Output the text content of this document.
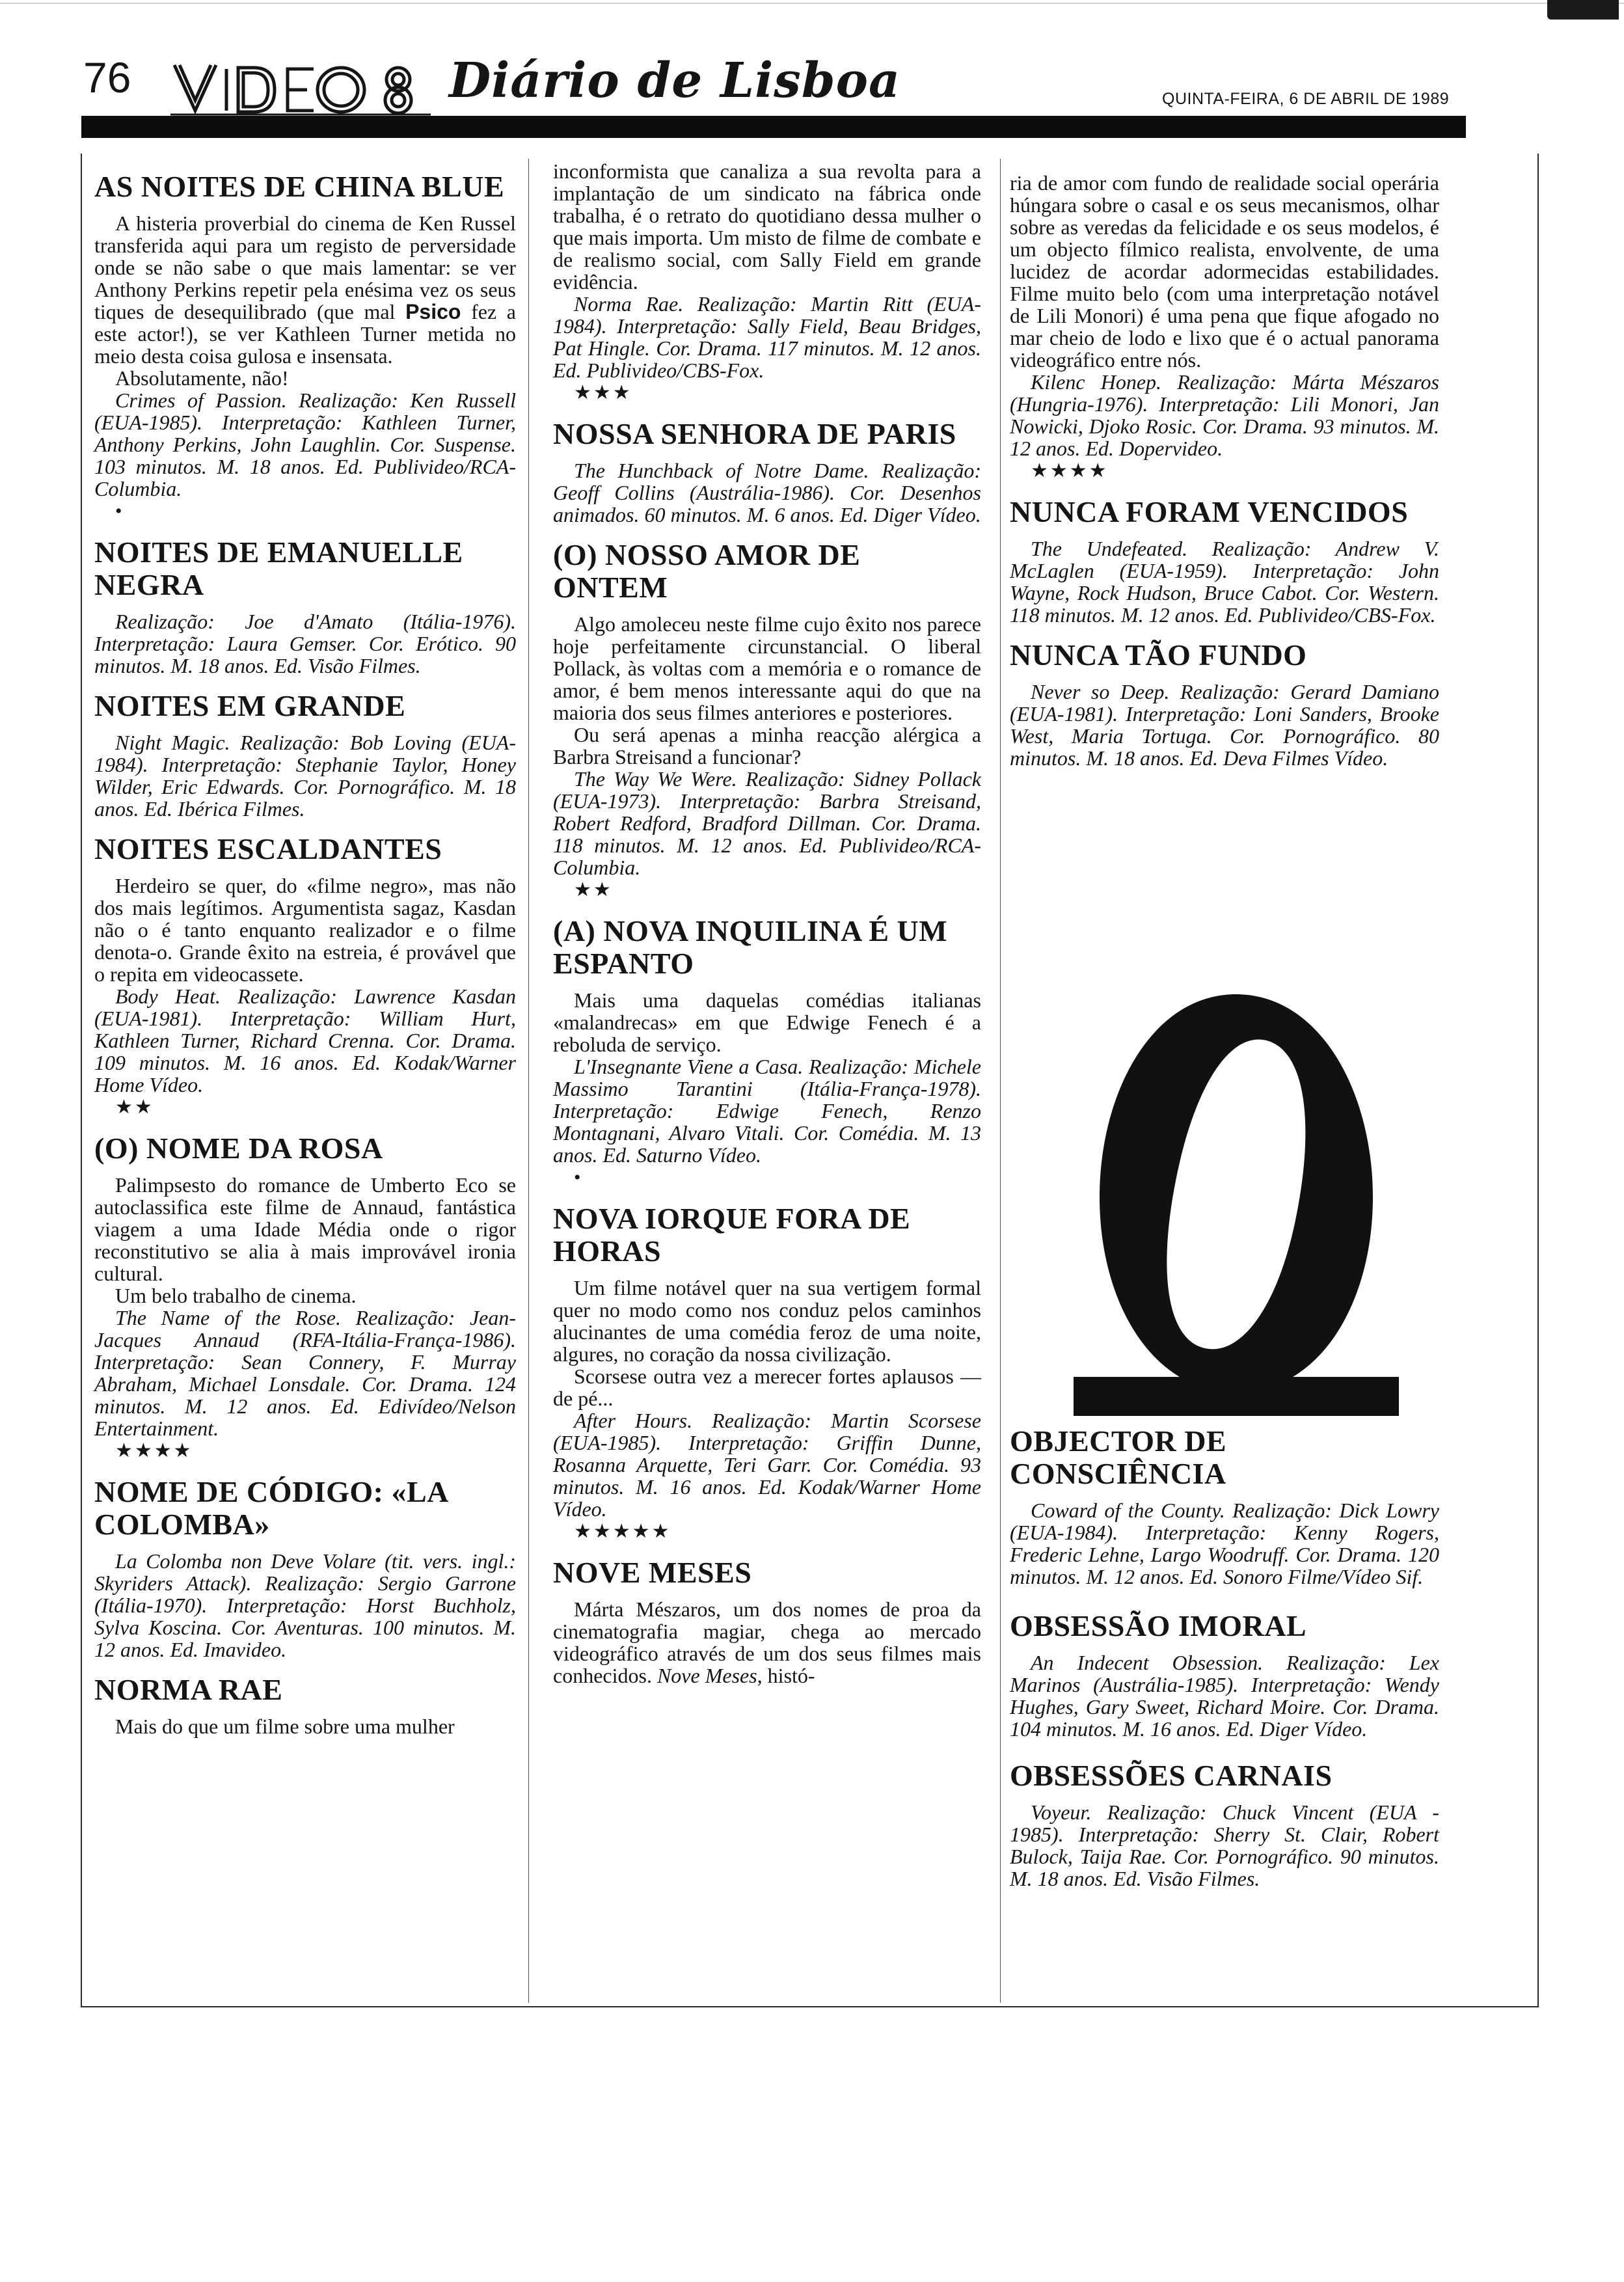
76	Diário de Lisboa	QUINTA-FEIRA, 6 DE ABRIL DE 1989
AS NOITES DE CHINA BLUE

A histeria proverbial do cinema de Ken Russel transferida aqui para um registo de perversidade onde se não sabe o que mais lamentar: se ver Anthony Perkins repetir pela enésima vez os seus tiques de desequilibrado (que mal Psico fez a este actor!), se ver Kathleen Turner metida no meio desta coisa gulosa e insensata.

Absolutamente, não!

Crimes of Passion. Realização: Ken Russell (EUA-1985). Interpretação: Kathleen Turner, Anthony Perkins, John Laughlin. Cor. Suspense. 103 minutos. M. 18 anos. Ed. Publivideo/RCA-Columbia.

•

NOITES DE EMANUELLE NEGRA

Realização: Joe d'Amato (Itália-1976). Interpretação: Laura Gemser. Cor. Erótico. 90 minutos. M. 18 anos. Ed. Visão Filmes.

NOITES EM GRANDE

Night Magic. Realização: Bob Loving (EUA-1984). Interpretação: Stephanie Taylor, Honey Wilder, Eric Edwards. Cor. Pornográfico. M. 18 anos. Ed. Ibérica Filmes.

NOITES ESCALDANTES

Herdeiro se quer, do «filme negro», mas não dos mais legítimos. Argumentista sagaz, Kasdan não o é tanto enquanto realizador e o filme denota-o. Grande êxito na estreia, é provável que o repita em videocassete.

Body Heat. Realização: Lawrence Kasdan (EUA-1981). Interpretação: William Hurt, Kathleen Turner, Richard Crenna. Cor. Drama. 109 minutos. M. 16 anos. Ed. Kodak/Warner Home Vídeo.

★★

(O) NOME DA ROSA

Palimpsesto do romance de Umberto Eco se autoclassifica este filme de Annaud, fantástica viagem a uma Idade Média onde o rigor reconstitutivo se alia à mais improvável ironia cultural.

Um belo trabalho de cinema.

The Name of the Rose. Realização: Jean-Jacques Annaud (RFA-Itália-França-1986). Interpretação: Sean Connery, F. Murray Abraham, Michael Lonsdale. Cor. Drama. 124 minutos. M. 12 anos. Ed. Edivídeo/Nelson Entertainment.

★★★★

NOME DE CÓDIGO: «LA COLOMBA»

La Colomba non Deve Volare (tit. vers. ingl.: Skyriders Attack). Realização: Sergio Garrone (Itália-1970). Interpretação: Horst Buchholz, Sylva Koscina. Cor. Aventuras. 100 minutos. M. 12 anos. Ed. Imavideo.

NORMA RAE

Mais do que um filme sobre uma mulher

inconformista que canaliza a sua revolta para a implantação de um sindicato na fábrica onde trabalha, é o retrato do quotidiano dessa mulher o que mais importa. Um misto de filme de combate e de realismo social, com Sally Field em grande evidência.

Norma Rae. Realização: Martin Ritt (EUA-1984). Interpretação: Sally Field, Beau Bridges, Pat Hingle. Cor. Drama. 117 minutos. M. 12 anos. Ed. Publivideo/CBS-Fox.

★★★

NOSSA SENHORA DE PARIS

The Hunchback of Notre Dame. Realização: Geoff Collins (Austrália-1986). Cor. Desenhos animados. 60 minutos. M. 6 anos. Ed. Diger Vídeo.

(O) NOSSO AMOR DE ONTEM

Algo amoleceu neste filme cujo êxito nos parece hoje perfeitamente circunstancial. O liberal Pollack, às voltas com a memória e o romance de amor, é bem menos interessante aqui do que na maioria dos seus filmes anteriores e posteriores.

Ou será apenas a minha reacção alérgica a Barbra Streisand a funcionar?

The Way We Were. Realização: Sidney Pollack (EUA-1973). Interpretação: Barbra Streisand, Robert Redford, Bradford Dillman. Cor. Drama. 118 minutos. M. 12 anos. Ed. Publivideo/RCA-Columbia.

★★

(A) NOVA INQUILINA É UM ESPANTO

Mais uma daquelas comédias italianas «malandrecas» em que Edwige Fenech é a reboluda de serviço.

L'Insegnante Viene a Casa. Realização: Michele Massimo Tarantini (Itália-França-1978). Interpretação: Edwige Fenech, Renzo Montagnani, Alvaro Vitali. Cor. Comédia. M. 13 anos. Ed. Saturno Vídeo.

•

NOVA IORQUE FORA DE HORAS

Um filme notável quer na sua vertigem formal quer no modo como nos conduz pelos caminhos alucinantes de uma comédia feroz de uma noite, algures, no coração da nossa civilização.

Scorsese outra vez a merecer fortes aplausos — de pé...

After Hours. Realização: Martin Scorsese (EUA-1985). Interpretação: Griffin Dunne, Rosanna Arquette, Teri Garr. Cor. Comédia. 93 minutos. M. 16 anos. Ed. Kodak/Warner Home Vídeo.

★★★★★

NOVE MESES

Márta Mészaros, um dos nomes de proa da cinematografia magiar, chega ao mercado videográfico através de um dos seus filmes mais conhecidos. Nove Meses, histó-

ria de amor com fundo de realidade social operária húngara sobre o casal e os seus mecanismos, olhar sobre as veredas da felicidade e os seus modelos, é um objecto fílmico realista, envolvente, de uma lucidez de acordar adormecidas estabilidades. Filme muito belo (com uma interpretação notável de Lili Monori) é uma pena que fique afogado no mar cheio de lodo e lixo que é o actual panorama videográfico entre nós.

Kilenc Honep. Realização: Márta Mészaros (Hungria-1976). Interpretação: Lili Monori, Jan Nowicki, Djoko Rosic. Cor. Drama. 93 minutos. M. 12 anos. Ed. Dopervideo.

★★★★

NUNCA FORAM VENCIDOS

The Undefeated. Realização: Andrew V. McLaglen (EUA-1959). Interpretação: John Wayne, Rock Hudson, Bruce Cabot. Cor. Western. 118 minutos. M. 12 anos. Ed. Publivideo/CBS-Fox.

NUNCA TÃO FUNDO

Never so Deep. Realização: Gerard Damiano (EUA-1981). Interpretação: Loni Sanders, Brooke West, Maria Tortuga. Cor. Pornográfico. 80 minutos. M. 18 anos. Ed. Deva Filmes Vídeo.

OBJECTOR DE CONSCIÊNCIA

Coward of the County. Realização: Dick Lowry (EUA-1984). Interpretação: Kenny Rogers, Frederic Lehne, Largo Woodruff. Cor. Drama. 120 minutos. M. 12 anos. Ed. Sonoro Filme/Vídeo Sif.

OBSESSÃO IMORAL

An Indecent Obsession. Realização: Lex Marinos (Austrália-1985). Interpretação: Wendy Hughes, Gary Sweet, Richard Moire. Cor. Drama. 104 minutos. M. 16 anos. Ed. Diger Vídeo.

OBSESSÕES CARNAIS

Voyeur. Realização: Chuck Vincent (EUA - 1985). Interpretação: Sherry St. Clair, Robert Bulock, Taija Rae. Cor. Pornográfico. 90 minutos. M. 18 anos. Ed. Visão Filmes.
